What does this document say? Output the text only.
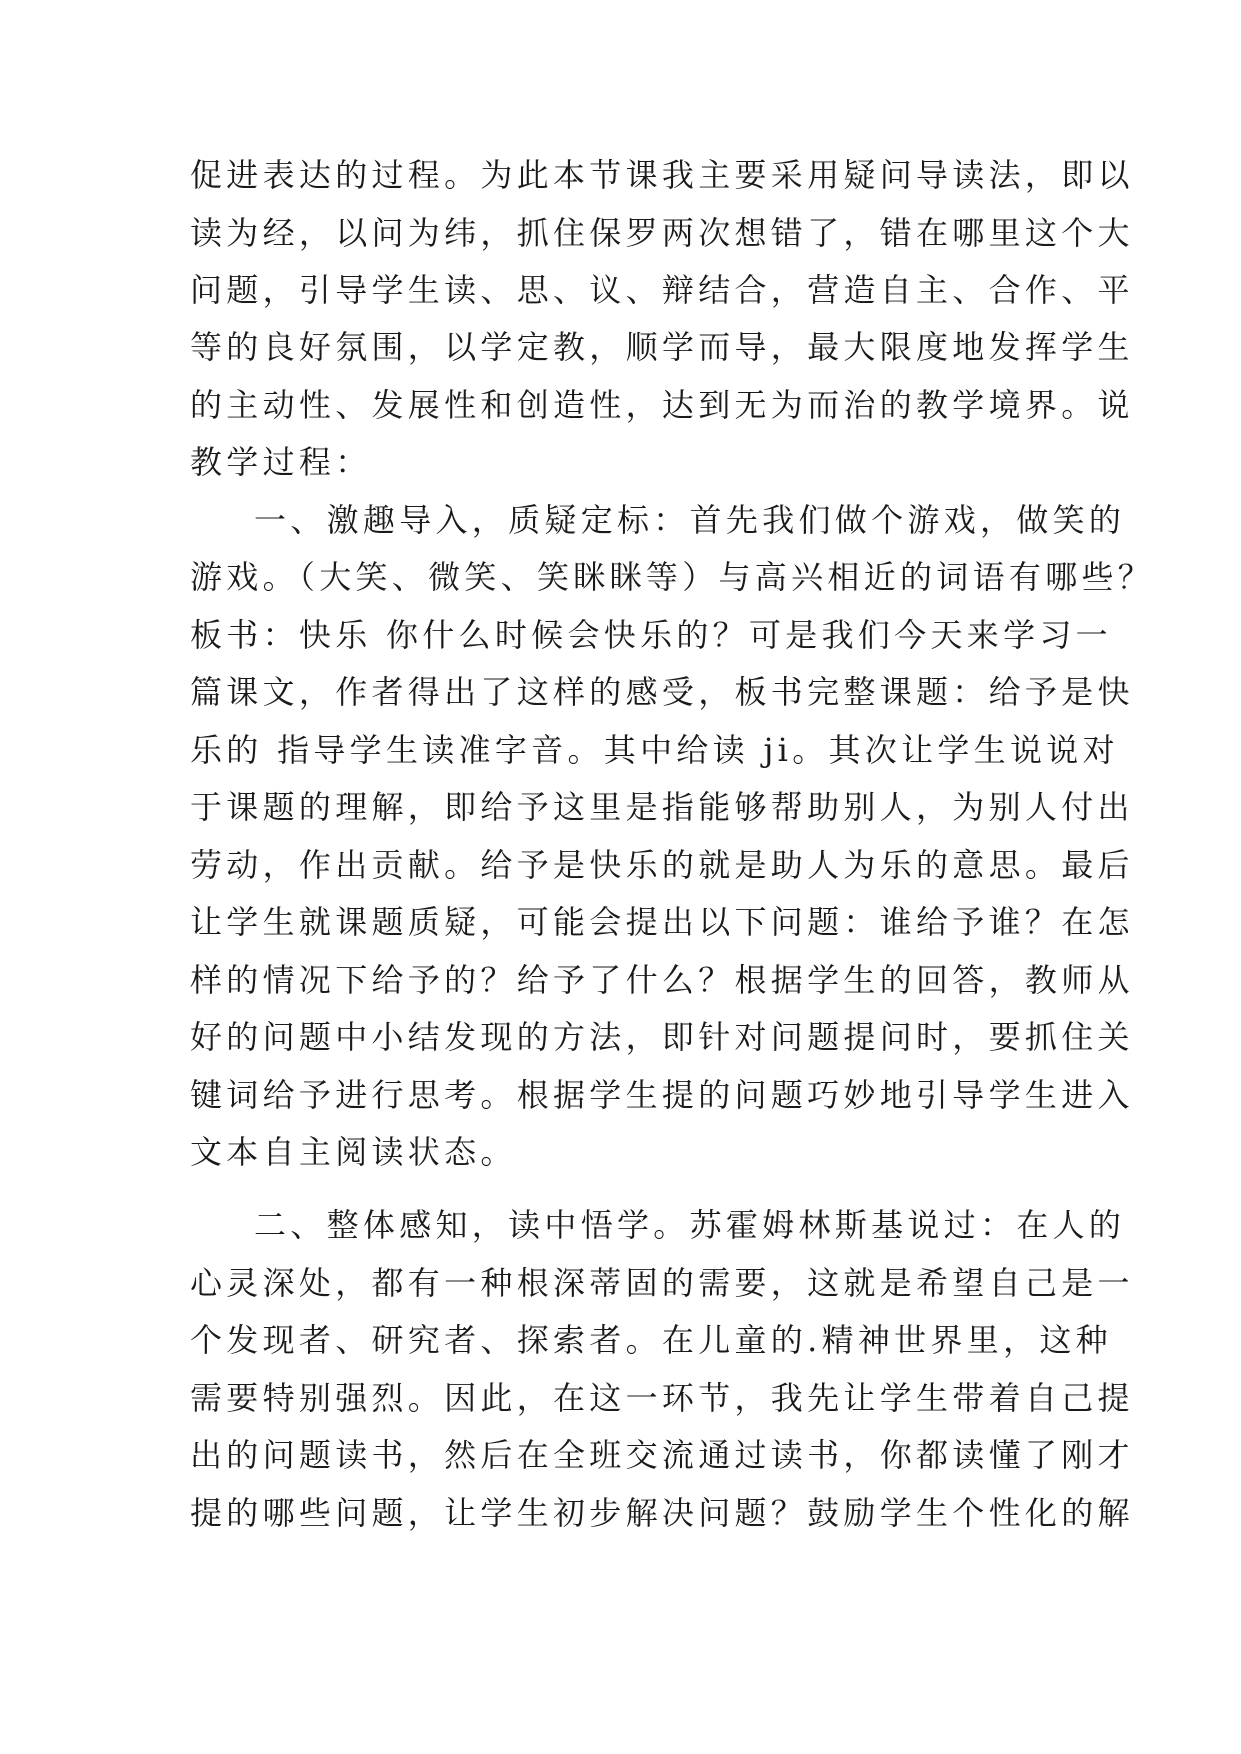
促进表达的过程。为此本节课我主要采用疑问导读法，即以
读为经，以问为纬，抓住保罗两次想错了，错在哪里这个大
问题，引导学生读、思、议、辩结合，营造自主、合作、平
等的良好氛围，以学定教，顺学而导，最大限度地发挥学生
的主动性、发展性和创造性，达到无为而治的教学境界。说
教学过程：
一、激趣导入，质疑定标：首先我们做个游戏，做笑的
游戏。（大笑、微笑、笑眯眯等）与高兴相近的词语有哪些？
板书：快乐 你什么时候会快乐的？可是我们今天来学习一
篇课文，作者得出了这样的感受，板书完整课题：给予是快
乐的 指导学生读准字音。其中给读 ji。其次让学生说说对
于课题的理解，即给予这里是指能够帮助别人，为别人付出
劳动，作出贡献。给予是快乐的就是助人为乐的意思。最后
让学生就课题质疑，可能会提出以下问题：谁给予谁？在怎
样的情况下给予的？给予了什么？根据学生的回答，教师从
好的问题中小结发现的方法，即针对问题提问时，要抓住关
键词给予进行思考。根据学生提的问题巧妙地引导学生进入
文本自主阅读状态。
二、整体感知，读中悟学。苏霍姆林斯基说过：在人的
心灵深处，都有一种根深蒂固的需要，这就是希望自己是一
个发现者、研究者、探索者。在儿童的.精神世界里，这种
需要特别强烈。因此，在这一环节，我先让学生带着自己提
出的问题读书，然后在全班交流通过读书，你都读懂了刚才
提的哪些问题，让学生初步解决问题？鼓励学生个性化的解
